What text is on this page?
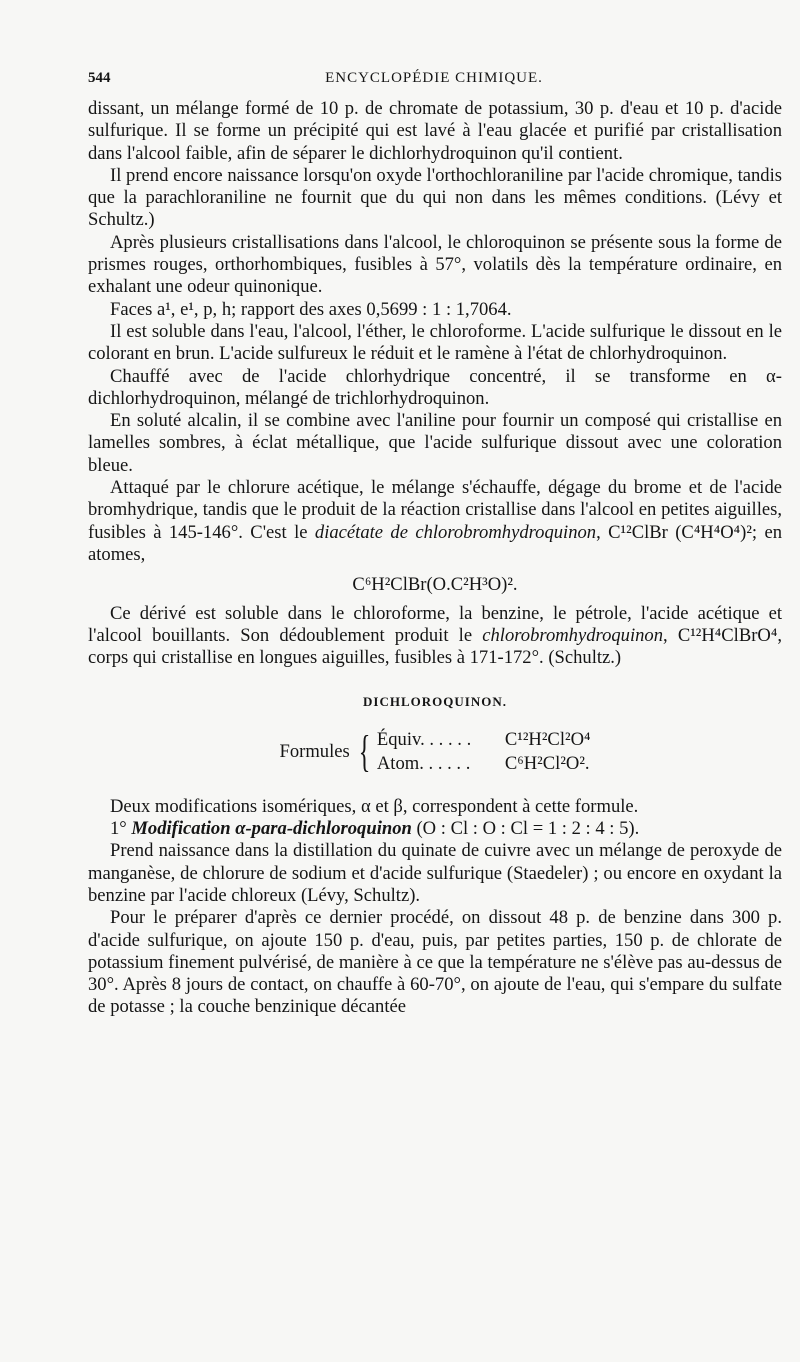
544	ENCYCLOPÉDIE CHIMIQUE.

dissant, un mélange formé de 10 p. de chromate de potassium, 30 p. d'eau et 10 p. d'acide sulfurique. Il se forme un précipité qui est lavé à l'eau glacée et purifié par cristallisation dans l'alcool faible, afin de séparer le dichlorhydroquinon qu'il contient.

Il prend encore naissance lorsqu'on oxyde l'orthochloraniline par l'acide chromique, tandis que la parachloraniline ne fournit que du qui non dans les mêmes conditions. (Lévy et Schultz.)

Après plusieurs cristallisations dans l'alcool, le chloroquinon se présente sous la forme de prismes rouges, orthorhombiques, fusibles à 57°, volatils dès la température ordinaire, en exhalant une odeur quinonique.

Faces a¹, e¹, p, h; rapport des axes 0,5699 : 1 : 1,7064.

Il est soluble dans l'eau, l'alcool, l'éther, le chloroforme. L'acide sulfurique le dissout en le colorant en brun. L'acide sulfureux le réduit et le ramène à l'état de chlorhydroquinon.

Chauffé avec de l'acide chlorhydrique concentré, il se transforme en α-dichlorhydroquinon, mélangé de trichlorhydroquinon.

En soluté alcalin, il se combine avec l'aniline pour fournir un composé qui cristallise en lamelles sombres, à éclat métallique, que l'acide sulfurique dissout avec une coloration bleue.

Attaqué par le chlorure acétique, le mélange s'échauffe, dégage du brome et de l'acide bromhydrique, tandis que le produit de la réaction cristallise dans l'alcool en petites aiguilles, fusibles à 145-146°. C'est le diacétate de chlorobromhydroquinon, C¹²ClBr (C⁴H⁴O⁴)²; en atomes,

C⁶H²ClBr(O.C²H³O)².

Ce dérivé est soluble dans le chloroforme, la benzine, le pétrole, l'acide acétique et l'alcool bouillants. Son dédoublement produit le chlorobromhydroquinon, C¹²H⁴ClBrO⁴, corps qui cristallise en longues aiguilles, fusibles à 171-172°. (Schultz.)

DICHLOROQUINON.
Formules { Équiv. . . . . . C¹²H²Cl²O⁴
Atom. . . . . . C⁶H²Cl²O².

Deux modifications isomériques, α et β, correspondent à cette formule.

1° Modification α-para-dichloroquinon (O : Cl : O : Cl = 1 : 2 : 4 : 5).

Prend naissance dans la distillation du quinate de cuivre avec un mélange de peroxyde de manganèse, de chlorure de sodium et d'acide sulfurique (Staedeler) ; ou encore en oxydant la benzine par l'acide chloreux (Lévy, Schultz).

Pour le préparer d'après ce dernier procédé, on dissout 48 p. de benzine dans 300 p. d'acide sulfurique, on ajoute 150 p. d'eau, puis, par petites parties, 150 p. de chlorate de potassium finement pulvérisé, de manière à ce que la température ne s'élève pas au-dessus de 30°. Après 8 jours de contact, on chauffe à 60-70°, on ajoute de l'eau, qui s'empare du sulfate de potasse ; la couche benzinique décantée
